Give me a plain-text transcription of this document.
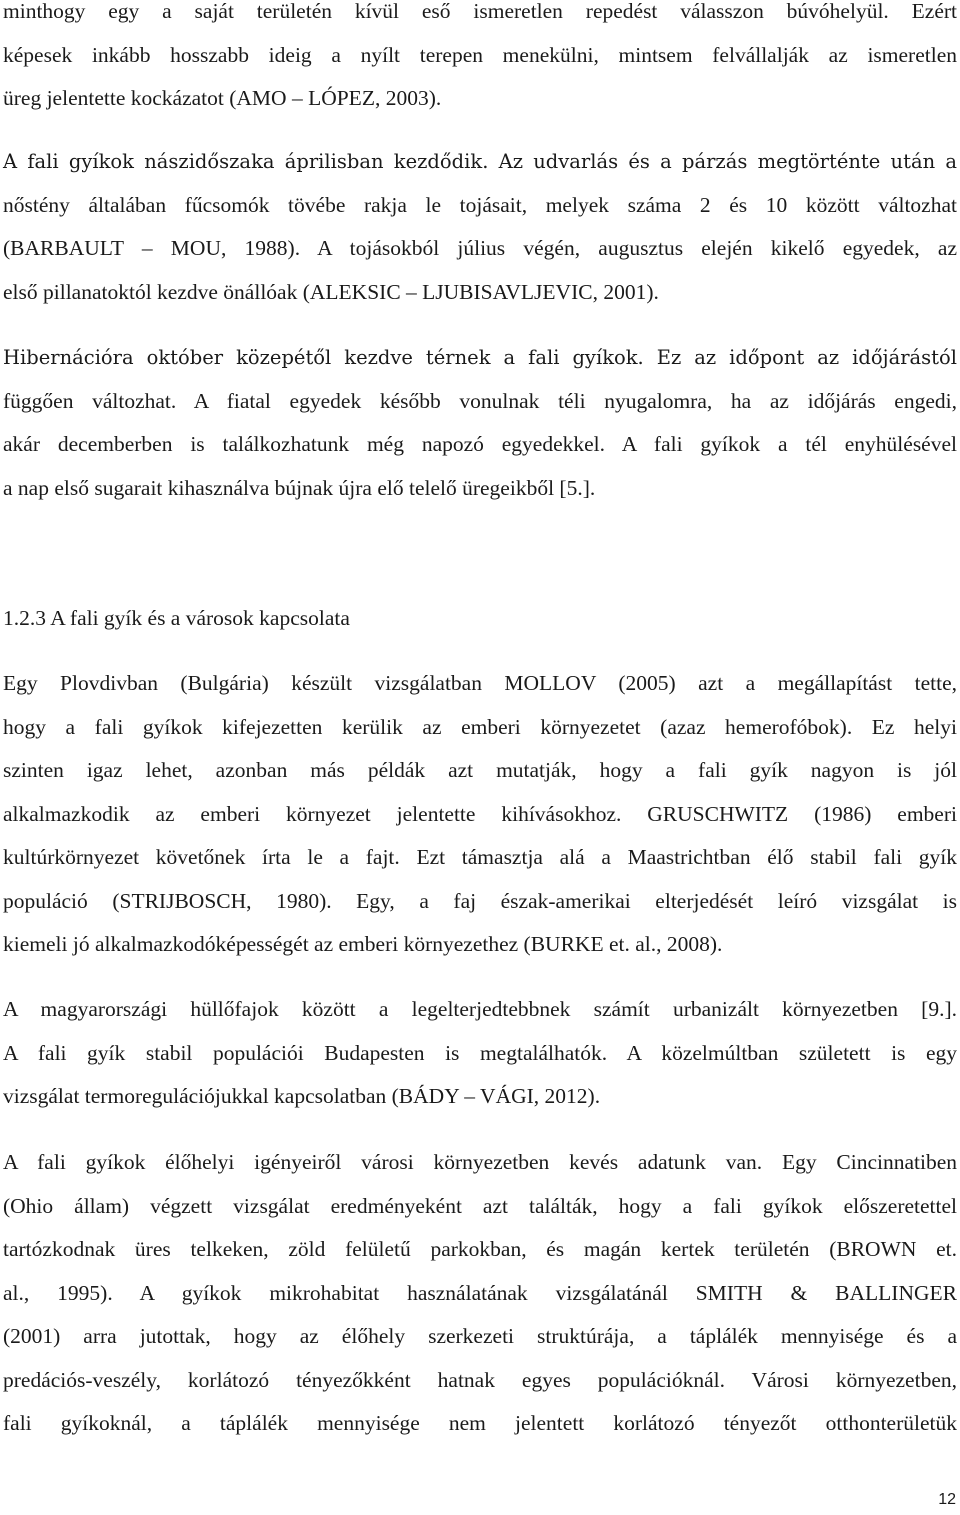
minthogy egy a saját területén kívül eső ismeretlen repedést válasszon búvóhelyül. Ezért
képesek inkább hosszabb ideig a nyílt terepen menekülni, mintsem felvállalják az ismeretlen
üreg jelentette kockázatot (AMO – LÓPEZ, 2003).
A fali gyíkok nászidőszaka áprilisban kezdődik. Az udvarlás és a párzás megtörténte után a
nőstény általában fűcsomók tövébe rakja le tojásait, melyek száma 2 és 10 között változhat
(BARBAULT – MOU, 1988). A tojásokból július végén, augusztus elején kikelő egyedek, az
első pillanatoktól kezdve önállóak (ALEKSIC – LJUBISAVLJEVIC, 2001).
Hibernációra október közepétől kezdve térnek a fali gyíkok. Ez az időpont az időjárástól
függően változhat. A fiatal egyedek később vonulnak téli nyugalomra, ha az időjárás engedi,
akár decemberben is találkozhatunk még napozó egyedekkel. A fali gyíkok a tél enyhülésével
a nap első sugarait kihasználva bújnak újra elő telelő üregeikből [5.].
1.2.3 A fali gyík és a városok kapcsolata
Egy Plovdivban (Bulgária) készült vizsgálatban MOLLOV (2005) azt a megállapítást tette,
hogy a fali gyíkok kifejezetten kerülik az emberi környezetet (azaz hemerofóbok). Ez helyi
szinten igaz lehet, azonban más példák azt mutatják, hogy a fali gyík nagyon is jól
alkalmazkodik az emberi környezet jelentette kihívásokhoz. GRUSCHWITZ (1986) emberi
kultúrkörnyezet követőnek írta le a fajt. Ezt támasztja alá a Maastrichtban élő stabil fali gyík
populáció (STRIJBOSCH, 1980). Egy, a faj észak-amerikai elterjedését leíró vizsgálat is
kiemeli jó alkalmazkodóképességét az emberi környezethez (BURKE et. al., 2008).
A magyarországi hüllőfajok között a legelterjedtebbnek számít urbanizált környezetben [9.].
A fali gyík stabil populációi Budapesten is megtalálhatók. A közelmúltban született is egy
vizsgálat termoregulációjukkal kapcsolatban (BÁDY – VÁGI, 2012).
A fali gyíkok élőhelyi igényeiről városi környezetben kevés adatunk van. Egy Cincinnatiben
(Ohio állam) végzett vizsgálat eredményeként azt találták, hogy a fali gyíkok előszeretettel
tartózkodnak üres telkeken, zöld felületű parkokban, és magán kertek területén (BROWN et.
al., 1995). A gyíkok mikrohabitat használatának vizsgálatánál SMITH & BALLINGER
(2001) arra jutottak, hogy az élőhely szerkezeti struktúrája, a táplálék mennyisége és a
predációs-veszély, korlátozó tényezőkként hatnak egyes populációknál. Városi környezetben,
fali gyíkoknál, a táplálék mennyisége nem jelentett korlátozó tényezőt otthonterületük
12
